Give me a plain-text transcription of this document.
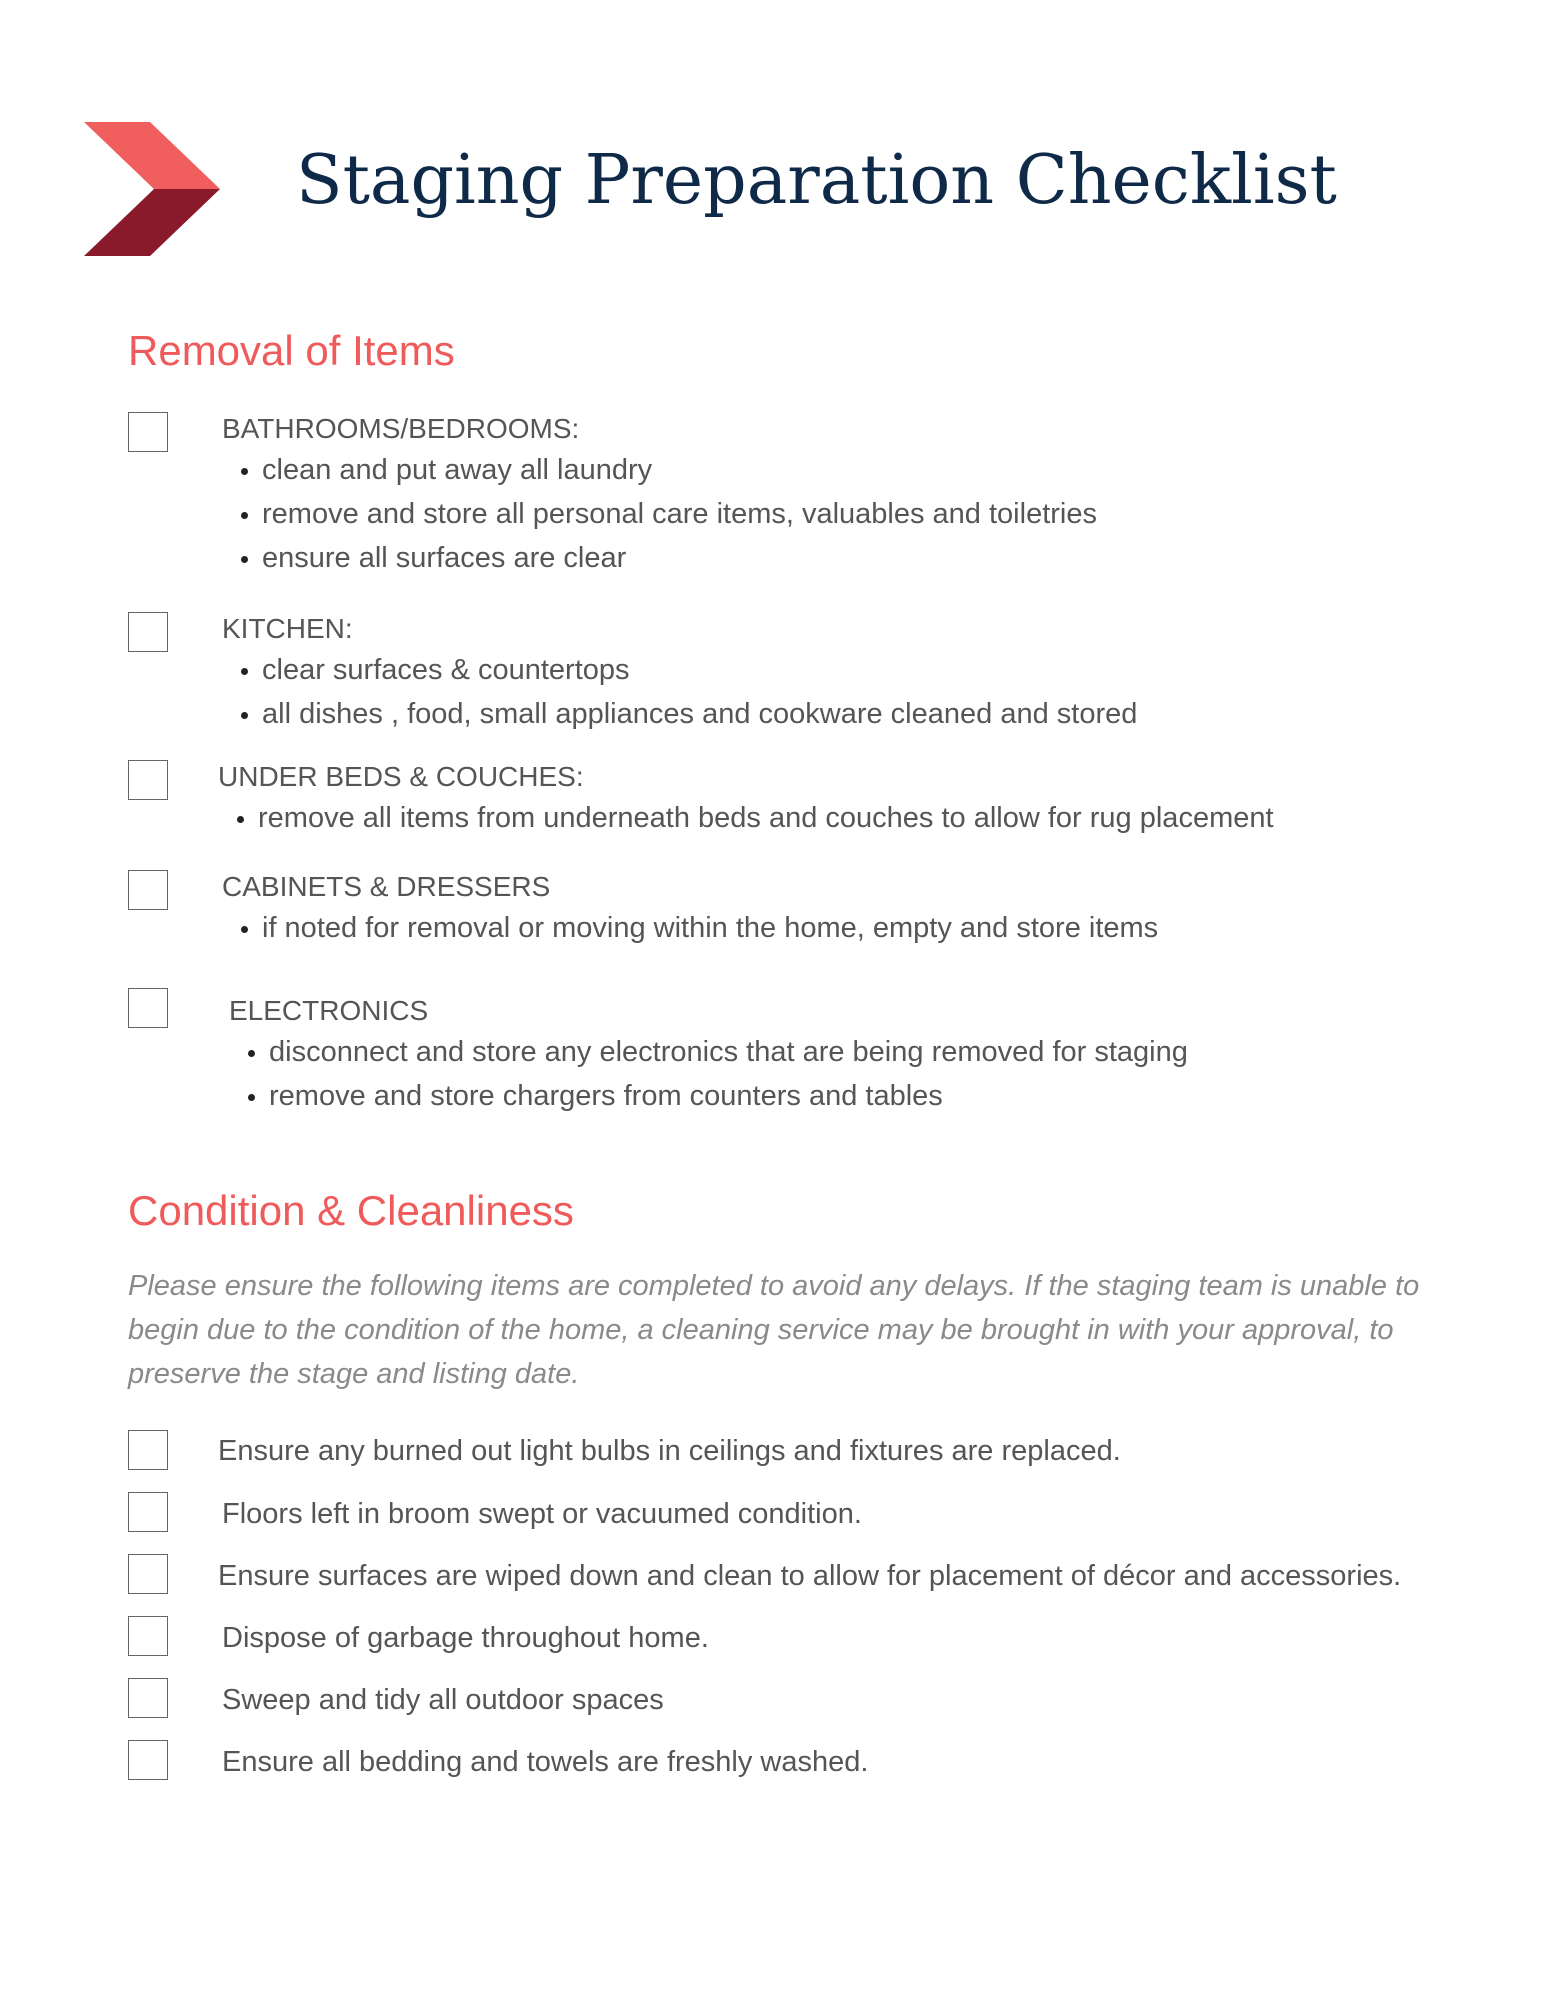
Staging Preparation Checklist
Removal of Items
BATHROOMS/BEDROOMS:
• clean and put away all laundry
• remove and store all personal care items, valuables and toiletries
• ensure all surfaces are clear
KITCHEN:
• clear surfaces & countertops
• all dishes , food, small appliances and cookware cleaned and stored
UNDER BEDS & COUCHES:
• remove all items from underneath beds and couches to allow for rug placement
CABINETS & DRESSERS
• if noted for removal or moving within the home, empty and store items
ELECTRONICS
• disconnect and store any electronics that are being removed for staging
• remove and store chargers from counters and tables
Condition & Cleanliness

Please ensure the following items are completed to avoid any delays. If the staging team is unable to begin due to the condition of the home, a cleaning service may be brought in with your approval, to preserve the stage and listing date.

Ensure any burned out light bulbs in ceilings and fixtures are replaced.
Floors left in broom swept or vacuumed condition.
Ensure surfaces are wiped down and clean to allow for placement of décor and accessories.
Dispose of garbage throughout home.
Sweep and tidy all outdoor spaces
Ensure all bedding and towels are freshly washed.
